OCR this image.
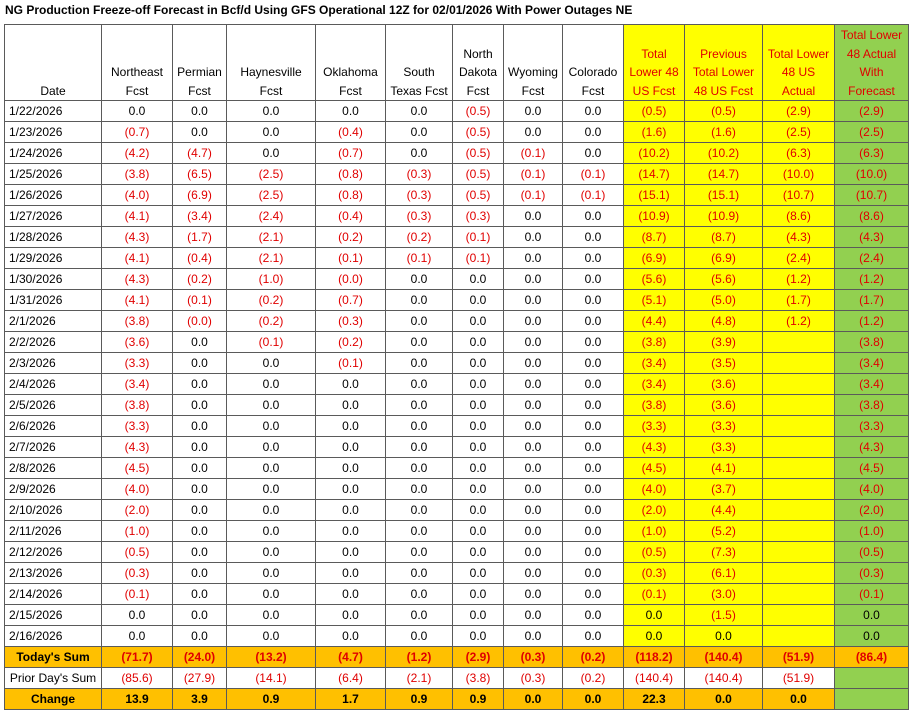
NG Production Freeze-off Forecast in Bcf/d Using GFS Operational 12Z for 02/01/2026 With Power Outages NE
Date	Northeast Fcst	Permian Fcst	Haynesville Fcst	Oklahoma Fcst	South Texas Fcst	North Dakota Fcst	Wyoming Fcst	Colorado Fcst	Total Lower 48 US Fcst	Previous Total Lower 48 US Fcst	Total Lower 48 US Actual	Total Lower 48 Actual With Forecast
1/22/2026	0.0	0.0	0.0	0.0	0.0	(0.5)	0.0	0.0	(0.5)	(0.5)	(2.9)	(2.9)
1/23/2026	(0.7)	0.0	0.0	(0.4)	0.0	(0.5)	0.0	0.0	(1.6)	(1.6)	(2.5)	(2.5)
1/24/2026	(4.2)	(4.7)	0.0	(0.7)	0.0	(0.5)	(0.1)	0.0	(10.2)	(10.2)	(6.3)	(6.3)
1/25/2026	(3.8)	(6.5)	(2.5)	(0.8)	(0.3)	(0.5)	(0.1)	(0.1)	(14.7)	(14.7)	(10.0)	(10.0)
1/26/2026	(4.0)	(6.9)	(2.5)	(0.8)	(0.3)	(0.5)	(0.1)	(0.1)	(15.1)	(15.1)	(10.7)	(10.7)
1/27/2026	(4.1)	(3.4)	(2.4)	(0.4)	(0.3)	(0.3)	0.0	0.0	(10.9)	(10.9)	(8.6)	(8.6)
1/28/2026	(4.3)	(1.7)	(2.1)	(0.2)	(0.2)	(0.1)	0.0	0.0	(8.7)	(8.7)	(4.3)	(4.3)
1/29/2026	(4.1)	(0.4)	(2.1)	(0.1)	(0.1)	(0.1)	0.0	0.0	(6.9)	(6.9)	(2.4)	(2.4)
1/30/2026	(4.3)	(0.2)	(1.0)	(0.0)	0.0	0.0	0.0	0.0	(5.6)	(5.6)	(1.2)	(1.2)
1/31/2026	(4.1)	(0.1)	(0.2)	(0.7)	0.0	0.0	0.0	0.0	(5.1)	(5.0)	(1.7)	(1.7)
2/1/2026	(3.8)	(0.0)	(0.2)	(0.3)	0.0	0.0	0.0	0.0	(4.4)	(4.8)	(1.2)	(1.2)
2/2/2026	(3.6)	0.0	(0.1)	(0.2)	0.0	0.0	0.0	0.0	(3.8)	(3.9)		(3.8)
2/3/2026	(3.3)	0.0	0.0	(0.1)	0.0	0.0	0.0	0.0	(3.4)	(3.5)		(3.4)
2/4/2026	(3.4)	0.0	0.0	0.0	0.0	0.0	0.0	0.0	(3.4)	(3.6)		(3.4)
2/5/2026	(3.8)	0.0	0.0	0.0	0.0	0.0	0.0	0.0	(3.8)	(3.6)		(3.8)
2/6/2026	(3.3)	0.0	0.0	0.0	0.0	0.0	0.0	0.0	(3.3)	(3.3)		(3.3)
2/7/2026	(4.3)	0.0	0.0	0.0	0.0	0.0	0.0	0.0	(4.3)	(3.3)		(4.3)
2/8/2026	(4.5)	0.0	0.0	0.0	0.0	0.0	0.0	0.0	(4.5)	(4.1)		(4.5)
2/9/2026	(4.0)	0.0	0.0	0.0	0.0	0.0	0.0	0.0	(4.0)	(3.7)		(4.0)
2/10/2026	(2.0)	0.0	0.0	0.0	0.0	0.0	0.0	0.0	(2.0)	(4.4)		(2.0)
2/11/2026	(1.0)	0.0	0.0	0.0	0.0	0.0	0.0	0.0	(1.0)	(5.2)		(1.0)
2/12/2026	(0.5)	0.0	0.0	0.0	0.0	0.0	0.0	0.0	(0.5)	(7.3)		(0.5)
2/13/2026	(0.3)	0.0	0.0	0.0	0.0	0.0	0.0	0.0	(0.3)	(6.1)		(0.3)
2/14/2026	(0.1)	0.0	0.0	0.0	0.0	0.0	0.0	0.0	(0.1)	(3.0)		(0.1)
2/15/2026	0.0	0.0	0.0	0.0	0.0	0.0	0.0	0.0	0.0	(1.5)		0.0
2/16/2026	0.0	0.0	0.0	0.0	0.0	0.0	0.0	0.0	0.0	0.0		0.0
Today's Sum	(71.7)	(24.0)	(13.2)	(4.7)	(1.2)	(2.9)	(0.3)	(0.2)	(118.2)	(140.4)	(51.9)	(86.4)
Prior Day's Sum	(85.6)	(27.9)	(14.1)	(6.4)	(2.1)	(3.8)	(0.3)	(0.2)	(140.4)	(140.4)	(51.9)	
Change	13.9	3.9	0.9	1.7	0.9	0.9	0.0	0.0	22.3	0.0	0.0	
